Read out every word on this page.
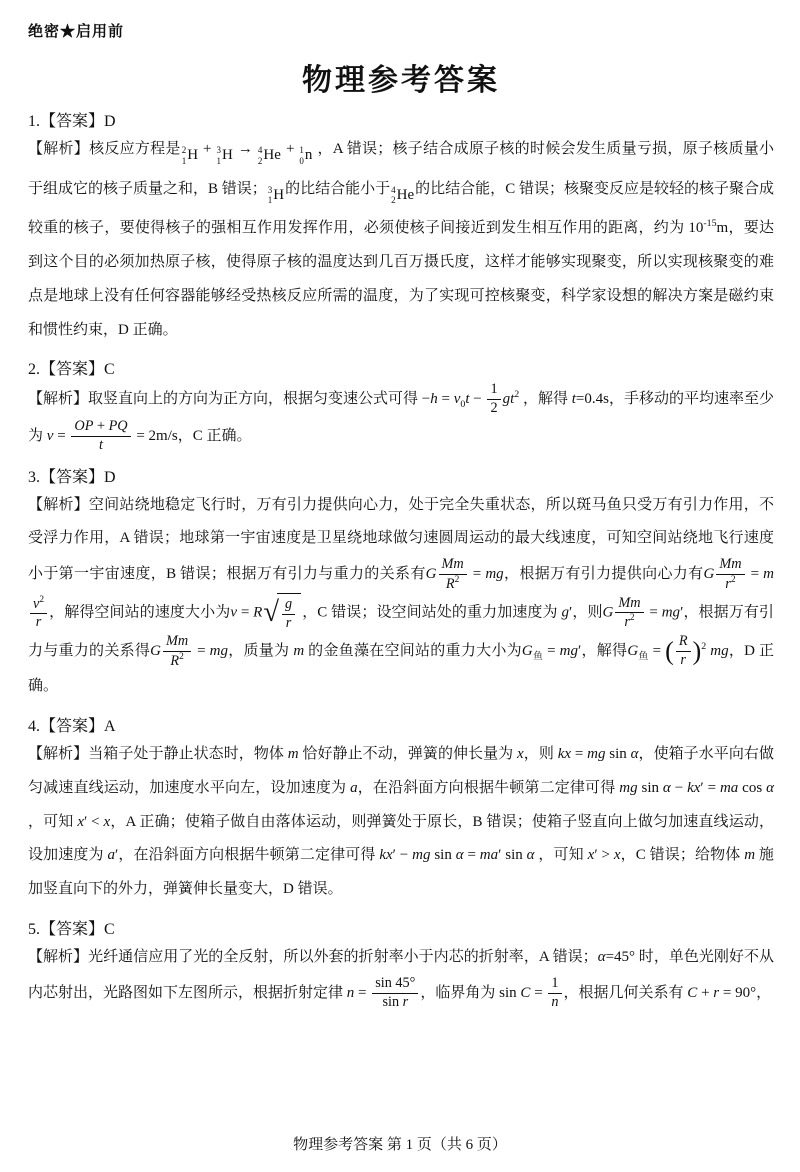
绝密★启用前
物理参考答案

1.【答案】D

【解析】核反应方程是 2
1 H + 3
1 H → 4
2 He + 1
0 n ，A 错误；核子结合成原子核的时候会发生质量亏损，原子核质量小于组成它的核子质量之和，B 错误； 3
1 H 的比结合能小于 4
2 He 的比结合能，C 错误；核聚变反应是较轻的核子聚合成较重的核子，要使得核子的强相互作用发挥作用，必须使核子间接近到发生相互作用的距离，约为 $10^{-15}m$，要达到这个目的必须加热原子核，使得原子核的温度达到几百万摄氏度，这样才能够实现聚变，所以实现核聚变的难点是地球上没有任何容器能够经受热核反应所需的温度，为了实现可控核聚变，科学家设想的解决方案是磁约束和惯性约束，D 正确。

2.【答案】C

【解析】取竖直向上的方向为正方向，根据匀变速公式可得 $-h = v_0t - \frac{1}{2} gt^2$ ，解得 t=0.4s，手移动的平均速率至少为 $v = \frac{OP + PQ}{t} = 2m/s$，C 正确。

3.【答案】D

【解析】空间站绕地稳定飞行时，万有引力提供向心力，处于完全失重状态，所以斑马鱼只受万有引力作用，不受浮力作用，A 错误；地球第一宇宙速度是卫星绕地球做匀速圆周运动的最大线速度，可知空间站绕地飞行速度小于第一宇宙速度，B 错误；根据万有引力与重力的关系有G $\frac{Mm}{R^2}$ = mg，根据万有引力提供向心力有G $\frac{Mm}{r^2} = m$
$\frac{v^2}{r}$ ，解得空间站的速度大小为v = R √ $\frac{g}{r}$ ，C 错误；设空间站处的重力加速度为 g′，则G $\frac{Mm}{r^2} = mg'$，根据万有引力与重力的关系得G $\frac{Mm}{R^2}$ = mg，质量为 m 的金鱼藻在空间站的重力大小为$G_鱼 = mg'$，解得$G_鱼$ = ( $\frac{R}{r} )^2$ mg，D 正确。

4.【答案】A

【解析】当箱子处于静止状态时，物体 m 恰好静止不动，弹簧的伸长量为 x，则 kx = mg sin α，使箱子水平向右做匀减速直线运动，加速度水平向左，设加速度为 a，在沿斜面方向根据牛顿第二定律可得 mg sin α − kx′ = ma cos α ，可知 x′ < x，A 正确；使箱子做自由落体运动，则弹簧处于原长，B 错误；使箱子竖直向上做匀加速直线运动，设加速度为 a′，在沿斜面方向根据牛顿第二定律可得 kx′ − mg sin α = ma′ sin α ，可知 x′ > x，C 错误；给物体 m 施加竖直向下的外力，弹簧伸长量变大，D 错误。

5.【答案】C

【解析】光纤通信应用了光的全反射，所以外套的折射率小于内芯的折射率，A 错误；α=45° 时，单色光刚好不从内芯射出，光路图如下左图所示，根据折射定律 $n = \frac{\sin 45^\circ}{\text{sin r}}$ ，临界角为 $\sin C = \frac{1}{n}$ ，根据几何关系有 C + r = 90°，

物理参考答案 第 1 页（共 6 页）
